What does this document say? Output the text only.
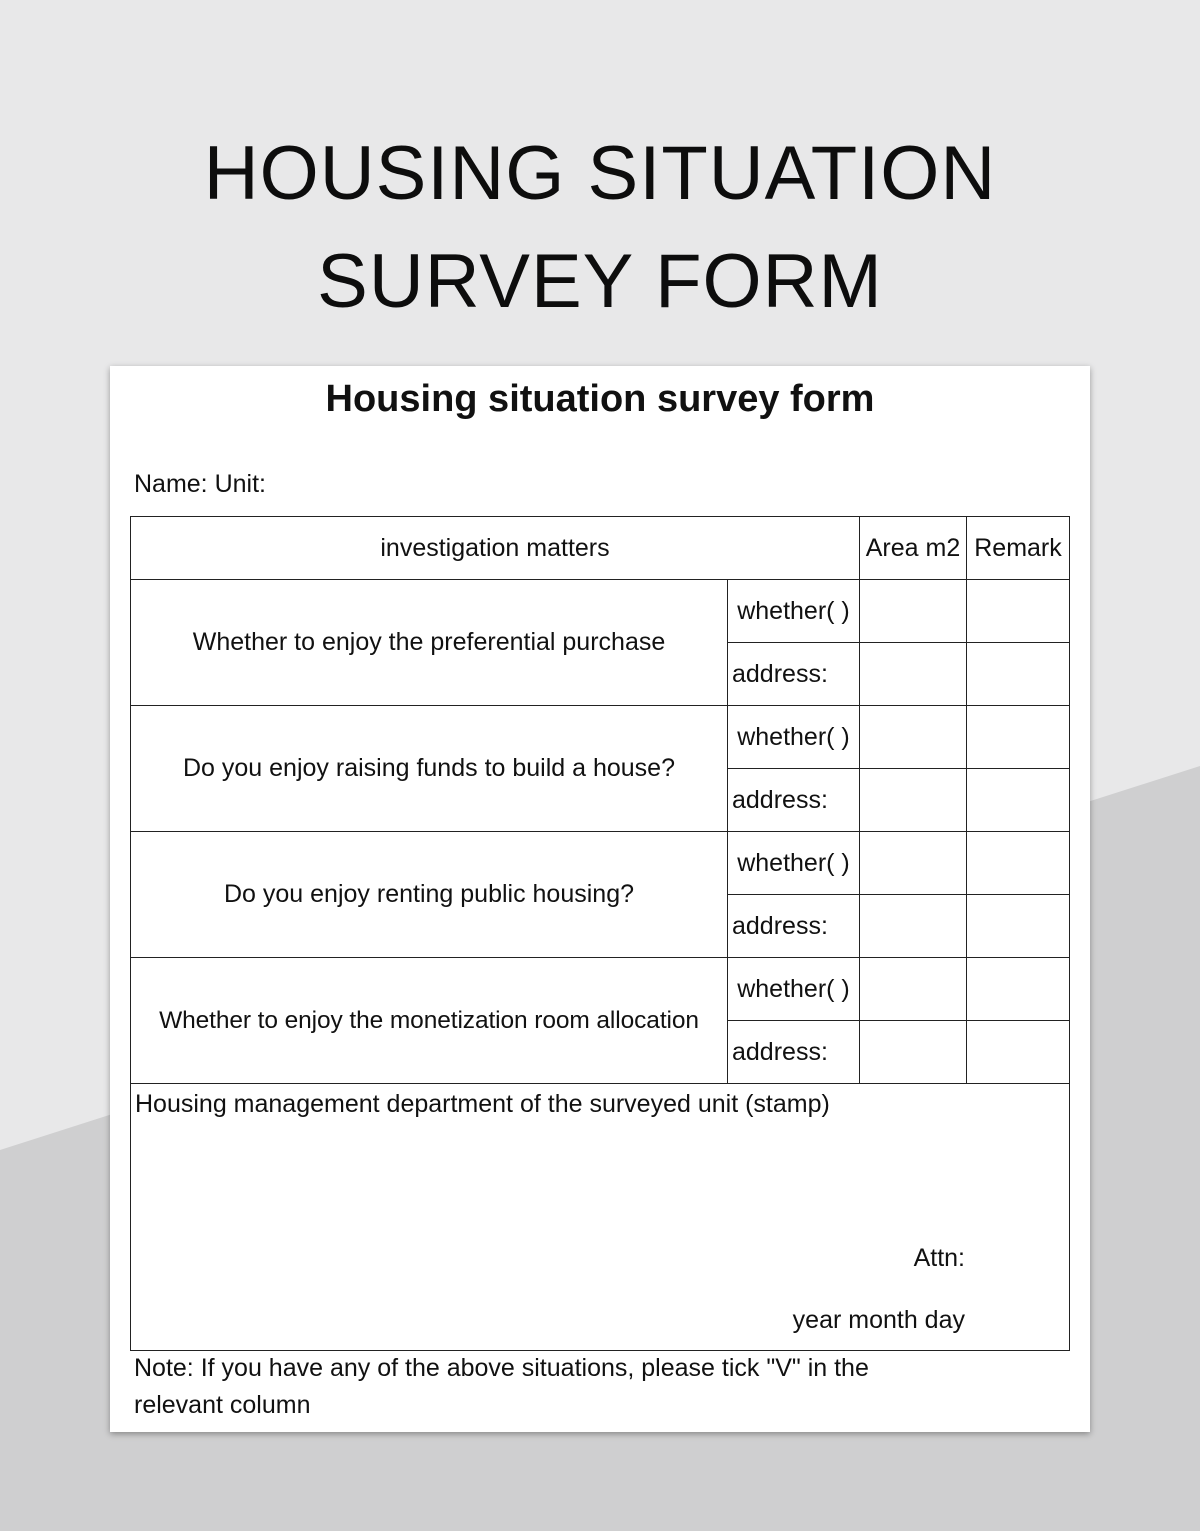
HOUSING SITUATION
SURVEY FORM
Housing situation survey form
Name: Unit:
investigation matters		Area m2	Remark
Whether to enjoy the preferential purchase	whether( )		
	address:		
Do you enjoy raising funds to build a house?	whether( )		
	address:		
Do you enjoy renting public housing?	whether( )		
	address:		
Whether to enjoy the monetization room allocation	whether( )		
	address:		

Housing management department of the surveyed unit (stamp)
Attn:
year month day			
Note: If you have any of the above situations, please tick "V" in the relevant column
